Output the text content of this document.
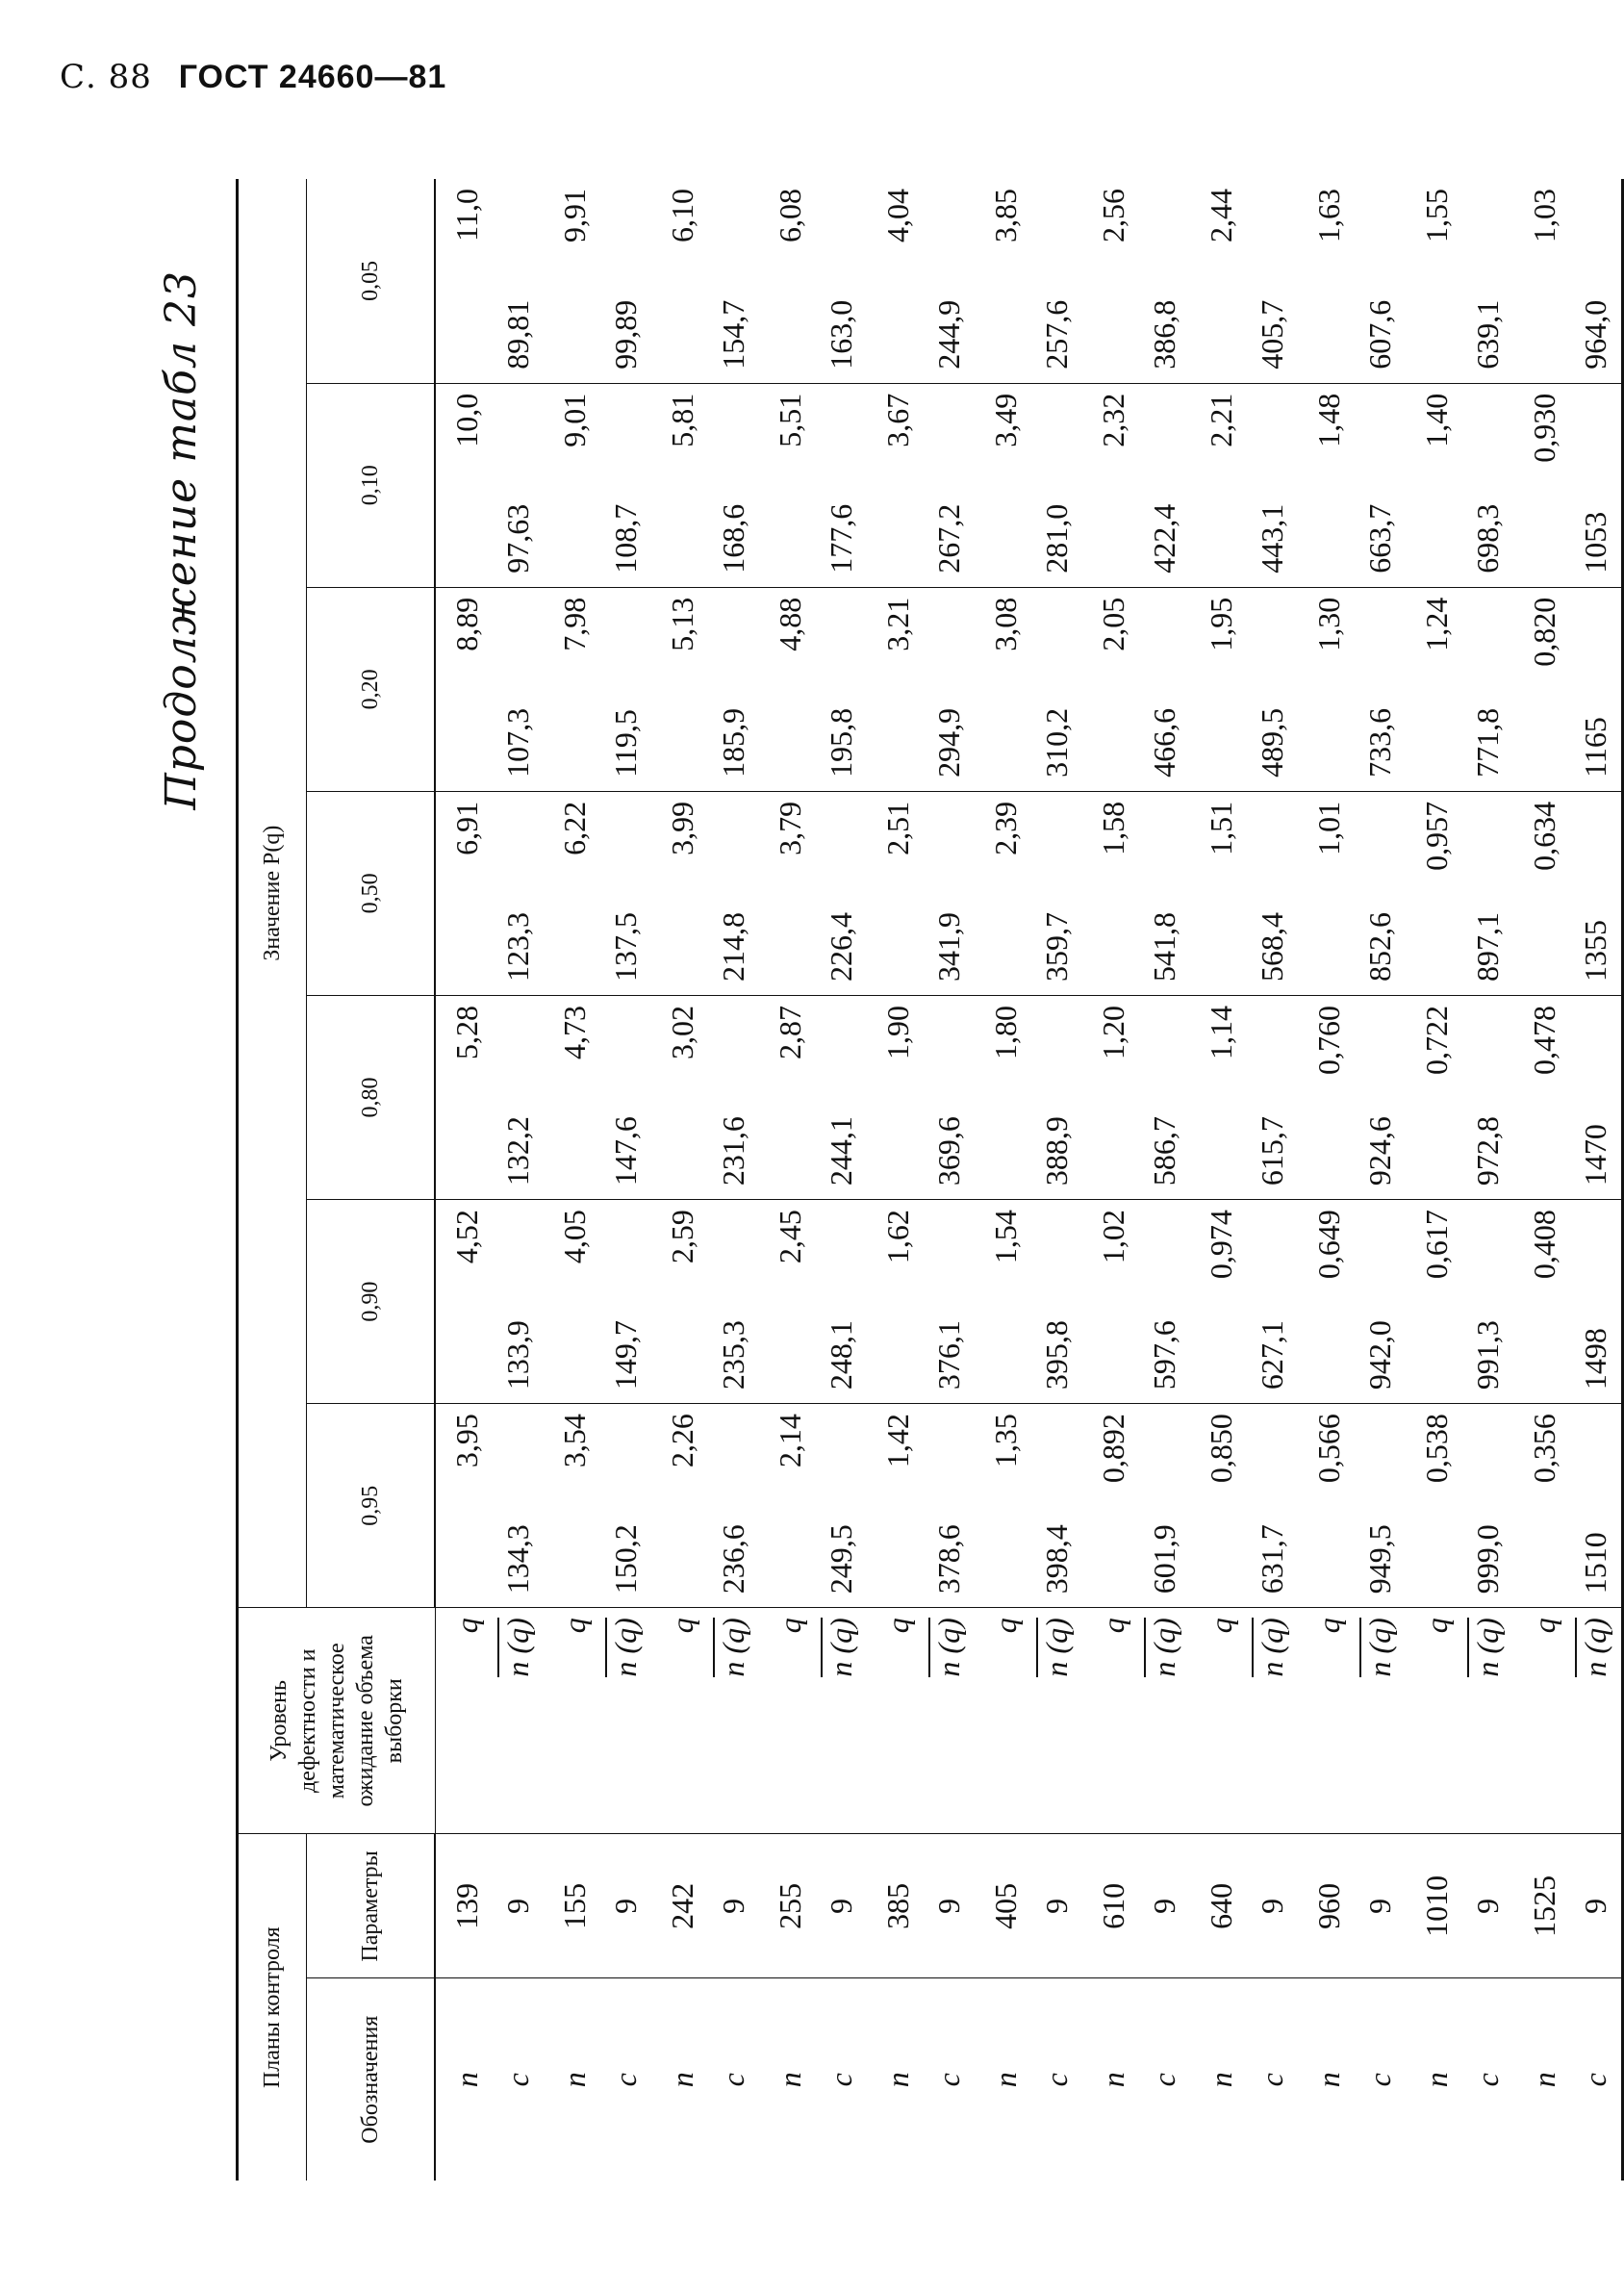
С. 88 ГОСТ 24660—81
Продолжение табл 23
Планы контроля		Уровень дефектности и математическое ожидание объема выборки	Значение P(q)						
Обозначения	Параметры		0,95	0,90	0,80	0,50	0,20	0,10	0,05
n	139	q	3,95	4,52	5,28	6,91	8,89	10,0	11,0
c	9	n (q)	134,3	133,9	132,2	123,3	107,3	97,63	89,81
n	155	q	3,54	4,05	4,73	6,22	7,98	9,01	9,91
c	9	n (q)	150,2	149,7	147,6	137,5	119,5	108,7	99,89
n	242	q	2,26	2,59	3,02	3,99	5,13	5,81	6,10
c	9	n (q)	236,6	235,3	231,6	214,8	185,9	168,6	154,7
n	255	q	2,14	2,45	2,87	3,79	4,88	5,51	6,08
c	9	n (q)	249,5	248,1	244,1	226,4	195,8	177,6	163,0
n	385	q	1,42	1,62	1,90	2,51	3,21	3,67	4,04
c	9	n (q)	378,6	376,1	369,6	341,9	294,9	267,2	244,9
n	405	q	1,35	1,54	1,80	2,39	3,08	3,49	3,85
c	9	n (q)	398,4	395,8	388,9	359,7	310,2	281,0	257,6
n	610	q	0,892	1,02	1,20	1,58	2,05	2,32	2,56
c	9	n (q)	601,9	597,6	586,7	541,8	466,6	422,4	386,8
n	640	q	0,850	0,974	1,14	1,51	1,95	2,21	2,44
c	9	n (q)	631,7	627,1	615,7	568,4	489,5	443,1	405,7
n	960	q	0,566	0,649	0,760	1,01	1,30	1,48	1,63
c	9	n (q)	949,5	942,0	924,6	852,6	733,6	663,7	607,6
n	1010	q	0,538	0,617	0,722	0,957	1,24	1,40	1,55
c	9	n (q)	999,0	991,3	972,8	897,1	771,8	698,3	639,1
n	1525	q	0,356	0,408	0,478	0,634	0,820	0,930	1,03
c	9	n (q)	1510	1498	1470	1355	1165	1053	964,0
